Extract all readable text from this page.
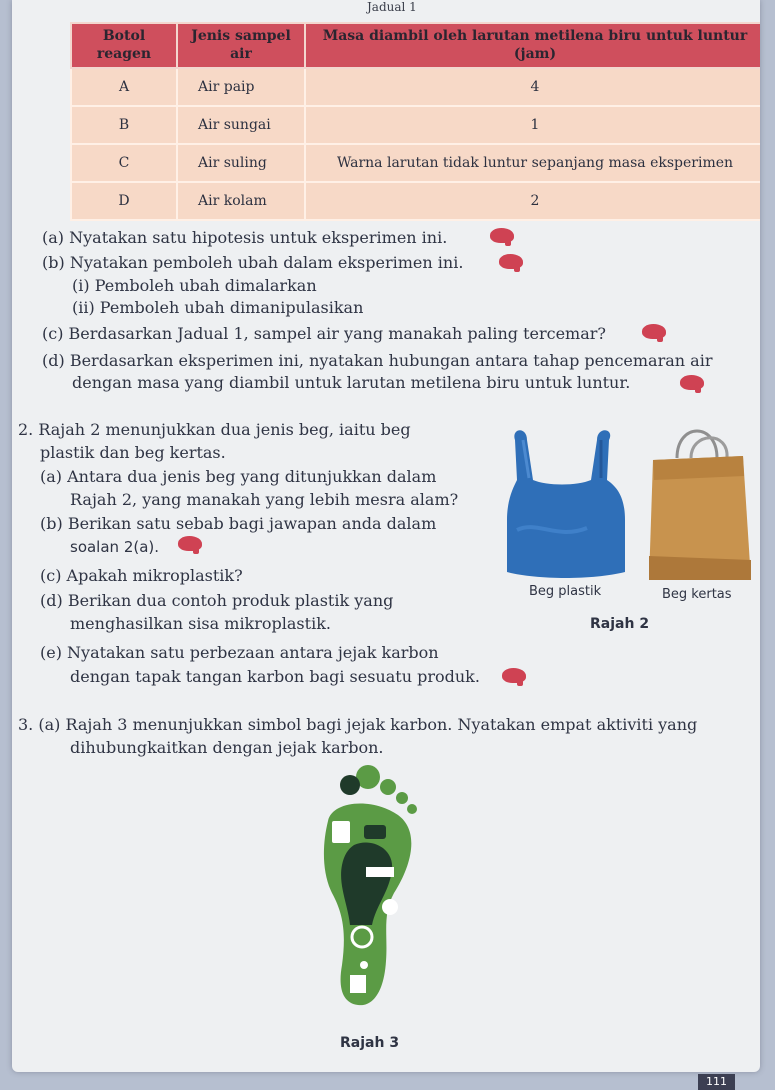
Jadual 1
Botol reagen	Jenis sampel air	Masa diambil oleh larutan metilena biru untuk luntur (jam)
A	Air paip	4
B	Air sungai	1
C	Air suling	Warna larutan tidak luntur sepanjang masa eksperimen
D	Air kolam	2
(a) Nyatakan satu hipotesis untuk eksperimen ini.
(b) Nyatakan pemboleh ubah dalam eksperimen ini.
(i) Pemboleh ubah dimalarkan
(ii) Pemboleh ubah dimanipulasikan
(c) Berdasarkan Jadual 1, sampel air yang manakah paling tercemar?
(d) Berdasarkan eksperimen ini, nyatakan hubungan antara tahap pencemaran air
dengan masa yang diambil untuk larutan metilena biru untuk luntur.
2. Rajah 2 menunjukkan dua jenis beg, iaitu beg
plastik dan beg kertas.
(a) Antara dua jenis beg yang ditunjukkan dalam
Rajah 2, yang manakah yang lebih mesra alam?
(b) Berikan satu sebab bagi jawapan anda dalam
soalan 2(a).
(c) Apakah mikroplastik?
(d) Berikan dua contoh produk plastik yang
menghasilkan sisa mikroplastik.
(e) Nyatakan satu perbezaan antara jejak karbon
dengan tapak tangan karbon bagi sesuatu produk.
Beg plastik	Beg kertas
Rajah 2
3. (a) Rajah 3 menunjukkan simbol bagi jejak karbon. Nyatakan empat aktiviti yang
dihubungkaitkan dengan jejak karbon.
Rajah 3
111
